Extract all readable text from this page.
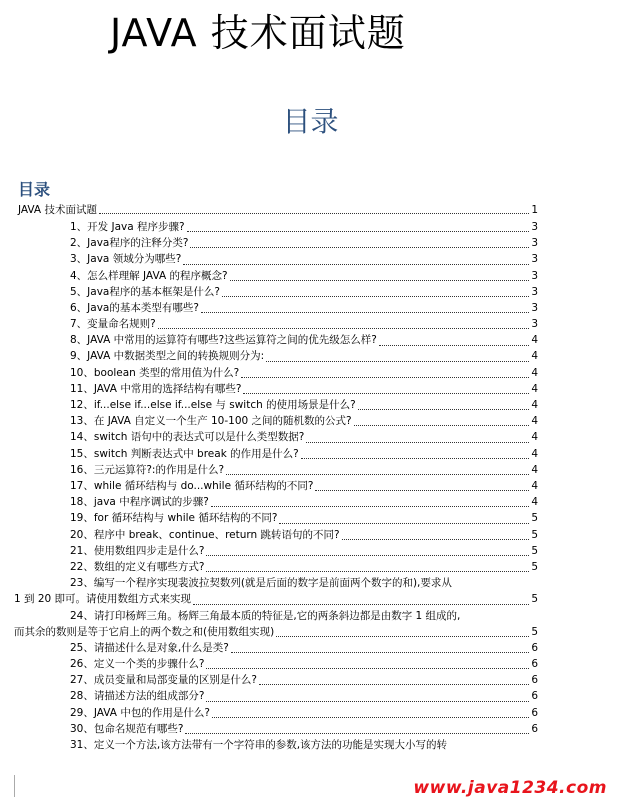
JAVA 技术面试题
目录
目录
JAVA 技术面试题	1
1、开发 Java 程序步骤?	3
2、Java程序的注释分类?	3
3、Java 领域分为哪些?	3
4、怎么样理解 JAVA 的程序概念?	3
5、Java程序的基本框架是什么?	3
6、Java的基本类型有哪些?	3
7、变量命名规则?	3
8、JAVA 中常用的运算符有哪些?这些运算符之间的优先级怎么样?	4
9、JAVA 中数据类型之间的转换规则分为:	4
10、boolean 类型的常用值为什么?	4
11、JAVA 中常用的选择结构有哪些?	4
12、if...else if...else if...else 与 switch 的使用场景是什么?	4
13、在 JAVA 自定义一个生产 10-100 之间的随机数的公式?	4
14、switch 语句中的表达式可以是什么类型数据?	4
15、switch 判断表达式中 break 的作用是什么?	4
16、三元运算符?:的作用是什么?	4
17、while 循环结构与 do...while 循环结构的不同?	4
18、java 中程序调试的步骤?	4
19、for 循环结构与 while 循环结构的不同?	5
20、程序中 break、continue、return 跳转语句的不同?	5
21、使用数组四步走是什么?	5
22、数组的定义有哪些方式?	5
23、编写一个程序实现裴波拉契数列(就是后面的数字是前面两个数字的和),要求从
1 到 20 即可。请使用数组方式来实现	5
24、请打印杨辉三角。杨辉三角最本质的特征是,它的两条斜边都是由数字 1 组成的,
而其余的数则是等于它肩上的两个数之和(使用数组实现)	5
25、请描述什么是对象,什么是类?	6
26、定义一个类的步骤什么?	6
27、成员变量和局部变量的区别是什么?	6
28、请描述方法的组成部分?	6
29、JAVA 中包的作用是什么?	6
30、包命名规范有哪些?	6
31、定义一个方法,该方法带有一个字符串的参数,该方法的功能是实现大小写的转
www.java1234.com
